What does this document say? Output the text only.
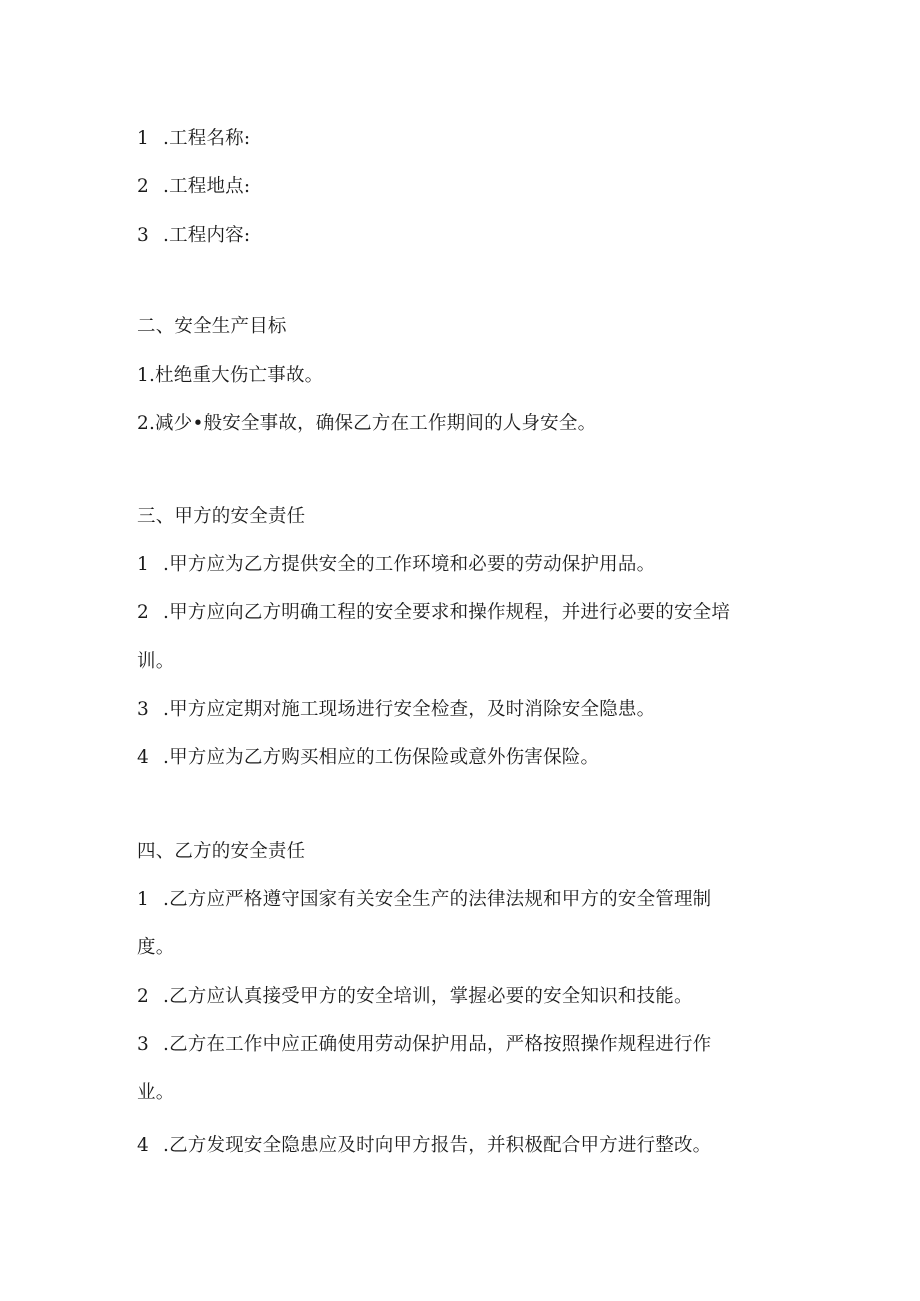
1 .工程名称:
2 .工程地点:
3 .工程内容:
二、安全生产目标
1.杜绝重大伤亡事故。
2.减少•般安全事故，确保乙方在工作期间的人身安全。
三、甲方的安全责任
1 .甲方应为乙方提供安全的工作环境和必要的劳动保护用品。
2 .甲方应向乙方明确工程的安全要求和操作规程，并进行必要的安全培
训。
3 .甲方应定期对施工现场进行安全检查，及时消除安全隐患。
4 .甲方应为乙方购买相应的工伤保险或意外伤害保险。
四、乙方的安全责任
1 .乙方应严格遵守国家有关安全生产的法律法规和甲方的安全管理制
度。
2 .乙方应认真接受甲方的安全培训，掌握必要的安全知识和技能。
3 .乙方在工作中应正确使用劳动保护用品，严格按照操作规程进行作
业。
4 .乙方发现安全隐患应及时向甲方报告，并积极配合甲方进行整改。
